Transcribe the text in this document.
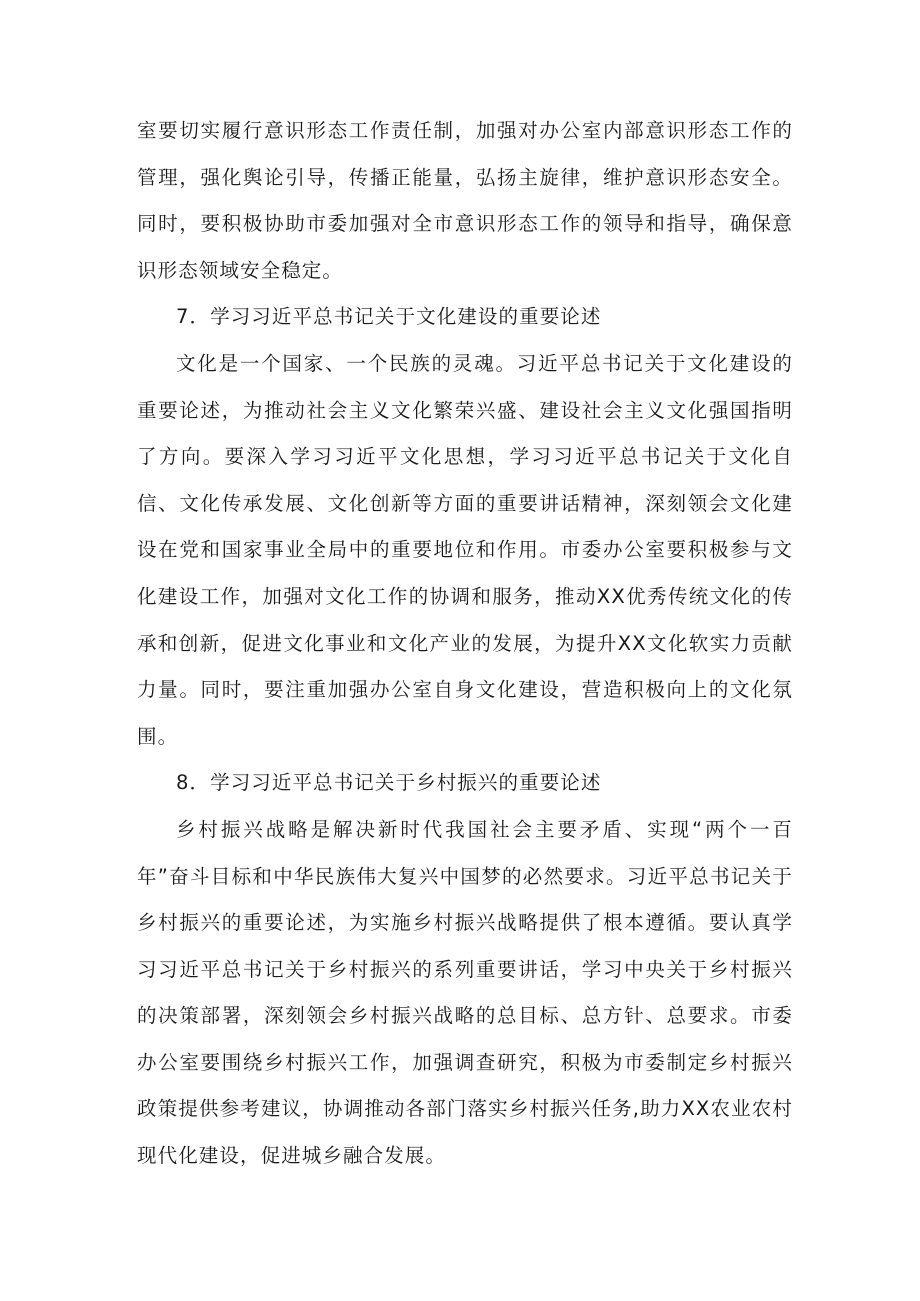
室要切实履行意识形态工作责任制，加强对办公室内部意识形态工作的管理，强化舆论引导，传播正能量，弘扬主旋律，维护意识形态安全。同时，要积极协助市委加强对全市意识形态工作的领导和指导，确保意识形态领域安全稳定。

7．学习习近平总书记关于文化建设的重要论述

文化是一个国家、一个民族的灵魂。习近平总书记关于文化建设的重要论述，为推动社会主义文化繁荣兴盛、建设社会主义文化强国指明了方向。要深入学习习近平文化思想，学习习近平总书记关于文化自信、文化传承发展、文化创新等方面的重要讲话精神，深刻领会文化建设在党和国家事业全局中的重要地位和作用。市委办公室要积极参与文化建设工作，加强对文化工作的协调和服务，推动XX优秀传统文化的传承和创新，促进文化事业和文化产业的发展，为提升XX文化软实力贡献力量。同时，要注重加强办公室自身文化建设，营造积极向上的文化氛围。

8．学习习近平总书记关于乡村振兴的重要论述

乡村振兴战略是解决新时代我国社会主要矛盾、实现“两个一百年”奋斗目标和中华民族伟大复兴中国梦的必然要求。习近平总书记关于乡村振兴的重要论述，为实施乡村振兴战略提供了根本遵循。要认真学习习近平总书记关于乡村振兴的系列重要讲话，学习中央关于乡村振兴的决策部署，深刻领会乡村振兴战略的总目标、总方针、总要求。市委办公室要围绕乡村振兴工作，加强调查研究，积极为市委制定乡村振兴政策提供参考建议，协调推动各部门落实乡村振兴任务,助力XX农业农村现代化建设，促进城乡融合发展。
